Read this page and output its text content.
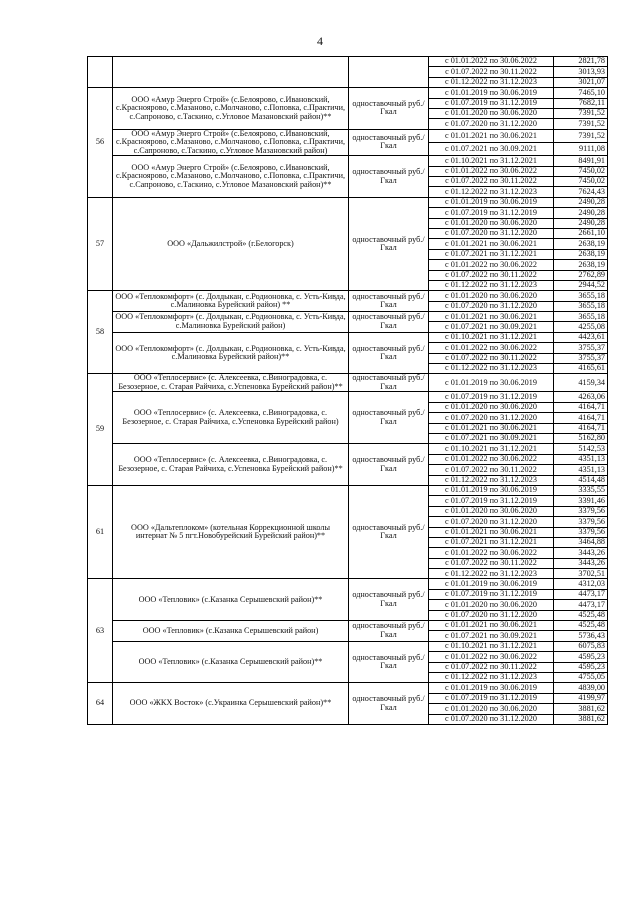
4
			с 01.01.2022 по 30.06.2022	2821,78
			с 01.07.2022 по 30.11.2022	3013,93
			с 01.12.2022 по 31.12.2023	3021,07
56	ООО «Амур Энерго Строй» (с.Белоярово, с.Ивановский, с.Красноярово, с.Мазаново, с.Молчаново, с.Поповка, с.Практичи, с.Сапроново, с.Таскино, с.Угловое Мазановский район)**	одноставочный руб./Гкал	с 01.01.2019 по 30.06.2019	7465,10
			с 01.07.2019 по 31.12.2019	7682,11
			с 01.01.2020 по 30.06.2020	7391,52
			с 01.07.2020 по 31.12.2020	7391,52
	ООО «Амур Энерго Строй» (с.Белоярово, с.Ивановский, с.Красноярово, с.Мазаново, с.Молчаново, с.Поповка, с.Практичи, с.Сапроново, с.Таскино, с.Угловое Мазановский район)	одноставочный руб./Гкал	с 01.01.2021 по 30.06.2021	7391,52
			с 01.07.2021 по 30.09.2021	9111,08
	ООО «Амур Энерго Строй» (с.Белоярово, с.Ивановский, с.Красноярово, с.Мазаново, с.Молчаново, с.Поповка, с.Практичи, с.Сапроново, с.Таскино, с.Угловое Мазановский район)**	одноставочный руб./Гкал	с 01.10.2021 по 31.12.2021	8491,91
			с 01.01.2022 по 30.06.2022	7450,02
			с 01.07.2022 по 30.11.2022	7450,02
			с 01.12.2022 по 31.12.2023	7624,43
57	ООО «Дальжилстрой» (г.Белогорск)	одноставочный руб./Гкал	с 01.01.2019 по 30.06.2019	2490,28
			с 01.07.2019 по 31.12.2019	2490,28
			с 01.01.2020 по 30.06.2020	2490,28
			с 01.07.2020 по 31.12.2020	2661,10
			с 01.01.2021 по 30.06.2021	2638,19
			с 01.07.2021 по 31.12.2021	2638,19
			с 01.01.2022 по 30.06.2022	2638,19
			с 01.07.2022 по 30.11.2022	2762,89
			с 01.12.2022 по 31.12.2023	2944,52
58	ООО «Теплокомфорт» (с. Долдыкан, с.Родионовка, с. Усть-Кивда, с.Малиновка Бурейский район) **	одноставочный руб./Гкал	с 01.01.2020 по 30.06.2020	3655,18
			с 01.07.2020 по 31.12.2020	3655,18
	ООО «Теплокомфорт» (с. Долдыкан, с.Родионовка, с. Усть-Кивда, с.Малиновка Бурейский район)	одноставочный руб./Гкал	с 01.01.2021 по 30.06.2021	3655,18
			с 01.07.2021 по 30.09.2021	4255,08
	ООО «Теплокомфорт» (с. Долдыкан, с.Родионовка, с. Усть-Кивда, с.Малиновка Бурейский район)**	одноставочный руб./Гкал	с 01.10.2021 по 31.12.2021	4423,61
			с 01.01.2022 по 30.06.2022	3755,37
			с 01.07.2022 по 30.11.2022	3755,37
			с 01.12.2022 по 31.12.2023	4165,61
59	ООО «Теплосервис» (с. Алексеевка, с.Виноградовка, с. Безозерное, с. Старая Райчиха, с.Успеновка Бурейский район)**	одноставочный руб./Гкал	с 01.01.2019 по 30.06.2019	4159,34
	ООО «Теплосервис» (с. Алексеевка, с.Виноградовка, с. Безозерное, с. Старая Райчиха, с.Успеновка Бурейский район)	одноставочный руб./Гкал	с 01.07.2019 по 31.12.2019	4263,06
			с 01.01.2020 по 30.06.2020	4164,71
			с 01.07.2020 по 31.12.2020	4164,71
			с 01.01.2021 по 30.06.2021	4164,71
			с 01.07.2021 по 30.09.2021	5162,80
	ООО «Теплосервис» (с. Алексеевка, с.Виноградовка, с. Безозерное, с. Старая Райчиха, с.Успеновка Бурейский район)**	одноставочный руб./Гкал	с 01.10.2021 по 31.12.2021	5142,53
			с 01.01.2022 по 30.06.2022	4351,13
			с 01.07.2022 по 30.11.2022	4351,13
			с 01.12.2022 по 31.12.2023	4514,48
61	ООО «Дальтеплоком» (котельная Коррекционной школы интернат № 5 пгт.Новобурейский Бурейский район)**	одноставочный руб./Гкал	с 01.01.2019 по 30.06.2019	3335,55
			с 01.07.2019 по 31.12.2019	3391,46
			с 01.01.2020 по 30.06.2020	3379,56
			с 01.07.2020 по 31.12.2020	3379,56
			с 01.01.2021 по 30.06.2021	3379,56
			с 01.07.2021 по 31.12.2021	3464,88
			с 01.01.2022 по 30.06.2022	3443,26
			с 01.07.2022 по 30.11.2022	3443,26
			с 01.12.2022 по 31.12.2023	3702,51
63	ООО «Тепловик» (с.Казанка Серышевский район)**	одноставочный руб./Гкал	с 01.01.2019 по 30.06.2019	4312,03
			с 01.07.2019 по 31.12.2019	4473,17
			с 01.01.2020 по 30.06.2020	4473,17
			с 01.07.2020 по 31.12.2020	4525,48
	ООО «Тепловик» (с.Казанка Серышевский район)	одноставочный руб./Гкал	с 01.01.2021 по 30.06.2021	4525,48
			с 01.07.2021 по 30.09.2021	5736,43
	ООО «Тепловик» (с.Казанка Серышевский район)**	одноставочный руб./Гкал	с 01.10.2021 по 31.12.2021	6075,83
			с 01.01.2022 по 30.06.2022	4595,23
			с 01.07.2022 по 30.11.2022	4595,23
			с 01.12.2022 по 31.12.2023	4755,05
64	ООО «ЖКХ Восток» (с.Украинка Серышевский район)**	одноставочный руб./Гкал	с 01.01.2019 по 30.06.2019	4839,00
			с 01.07.2019 по 31.12.2019	4199,97
			с 01.01.2020 по 30.06.2020	3881,62
			с 01.07.2020 по 31.12.2020	3881,62
